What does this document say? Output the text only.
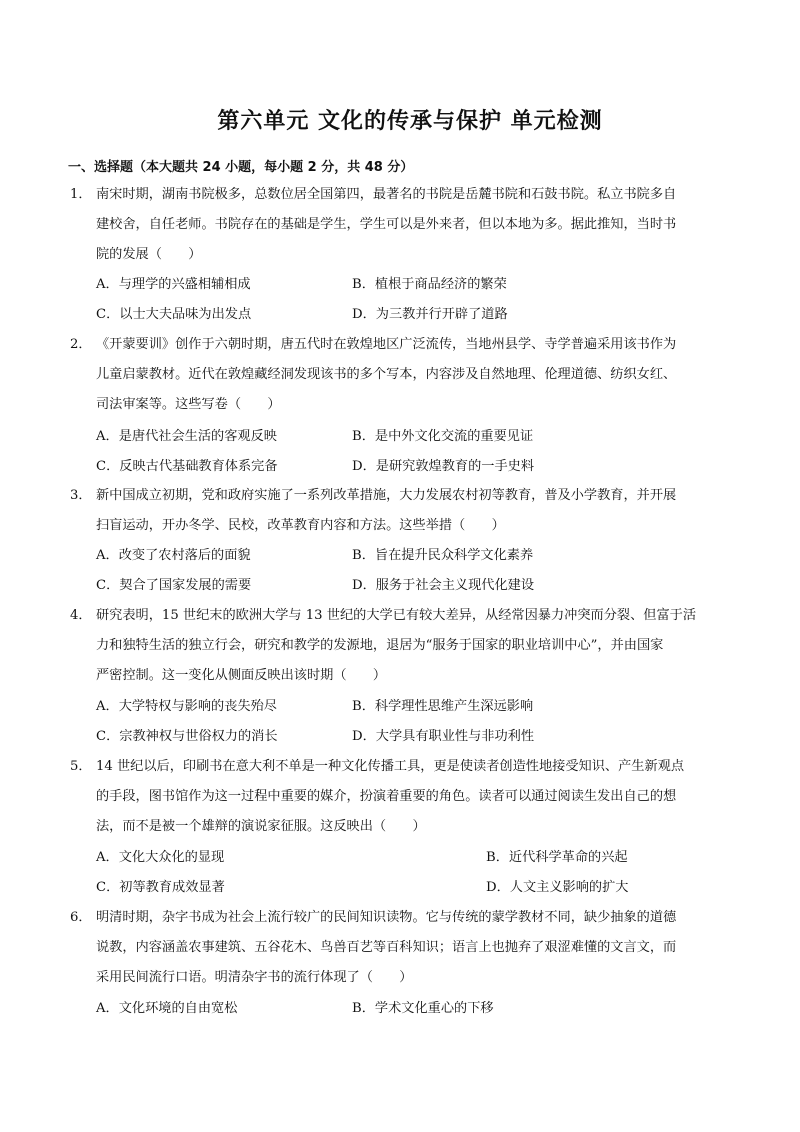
第六单元 文化的传承与保护 单元检测
一、选择题（本大题共 24 小题，每小题 2 分，共 48 分）
1． 南宋时期，湖南书院极多，总数位居全国第四，最著名的书院是岳麓书院和石鼓书院。私立书院多自
建校舍，自任老师。书院存在的基础是学生，学生可以是外来者，但以本地为多。据此推知，当时书
院的发展（　　）
A．与理学的兴盛相辅相成	B．植根于商品经济的繁荣
C．以士大夫品味为出发点	D．为三教并行开辟了道路
2． 《开蒙要训》创作于六朝时期，唐五代时在敦煌地区广泛流传，当地州县学、寺学普遍采用该书作为
儿童启蒙教材。近代在敦煌藏经洞发现该书的多个写本，内容涉及自然地理、伦理道德、纺织女红、
司法审案等。这些写卷（　　）
A．是唐代社会生活的客观反映	B．是中外文化交流的重要见证
C．反映古代基础教育体系完备	D．是研究敦煌教育的一手史料
3． 新中国成立初期，党和政府实施了一系列改革措施，大力发展农村初等教育，普及小学教育，并开展
扫盲运动，开办冬学、民校，改革教育内容和方法。这些举措（　　）
A．改变了农村落后的面貌	B．旨在提升民众科学文化素养
C．契合了国家发展的需要	D．服务于社会主义现代化建设
4． 研究表明，15 世纪末的欧洲大学与 13 世纪的大学已有较大差异，从经常因暴力冲突而分裂、但富于活
力和独特生活的独立行会，研究和教学的发源地，退居为“服务于国家的职业培训中心”，并由国家
严密控制。这一变化从侧面反映出该时期（　　）
A．大学特权与影响的丧失殆尽	B．科学理性思维产生深远影响
C．宗教神权与世俗权力的消长	D．大学具有职业性与非功利性
5． 14 世纪以后，印刷书在意大利不单是一种文化传播工具，更是使读者创造性地接受知识、产生新观点
的手段，图书馆作为这一过程中重要的媒介，扮演着重要的角色。读者可以通过阅读生发出自己的想
法，而不是被一个雄辩的演说家征服。这反映出（　　）
A．文化大众化的显现	B．近代科学革命的兴起
C．初等教育成效显著	D．人文主义影响的扩大
6． 明清时期，杂字书成为社会上流行较广的民间知识读物。它与传统的蒙学教材不同，缺少抽象的道德
说教，内容涵盖农事建筑、五谷花木、鸟兽百艺等百科知识；语言上也抛弃了艰涩难懂的文言文，而
采用民间流行口语。明清杂字书的流行体现了（　　）
A．文化环境的自由宽松	B．学术文化重心的下移
